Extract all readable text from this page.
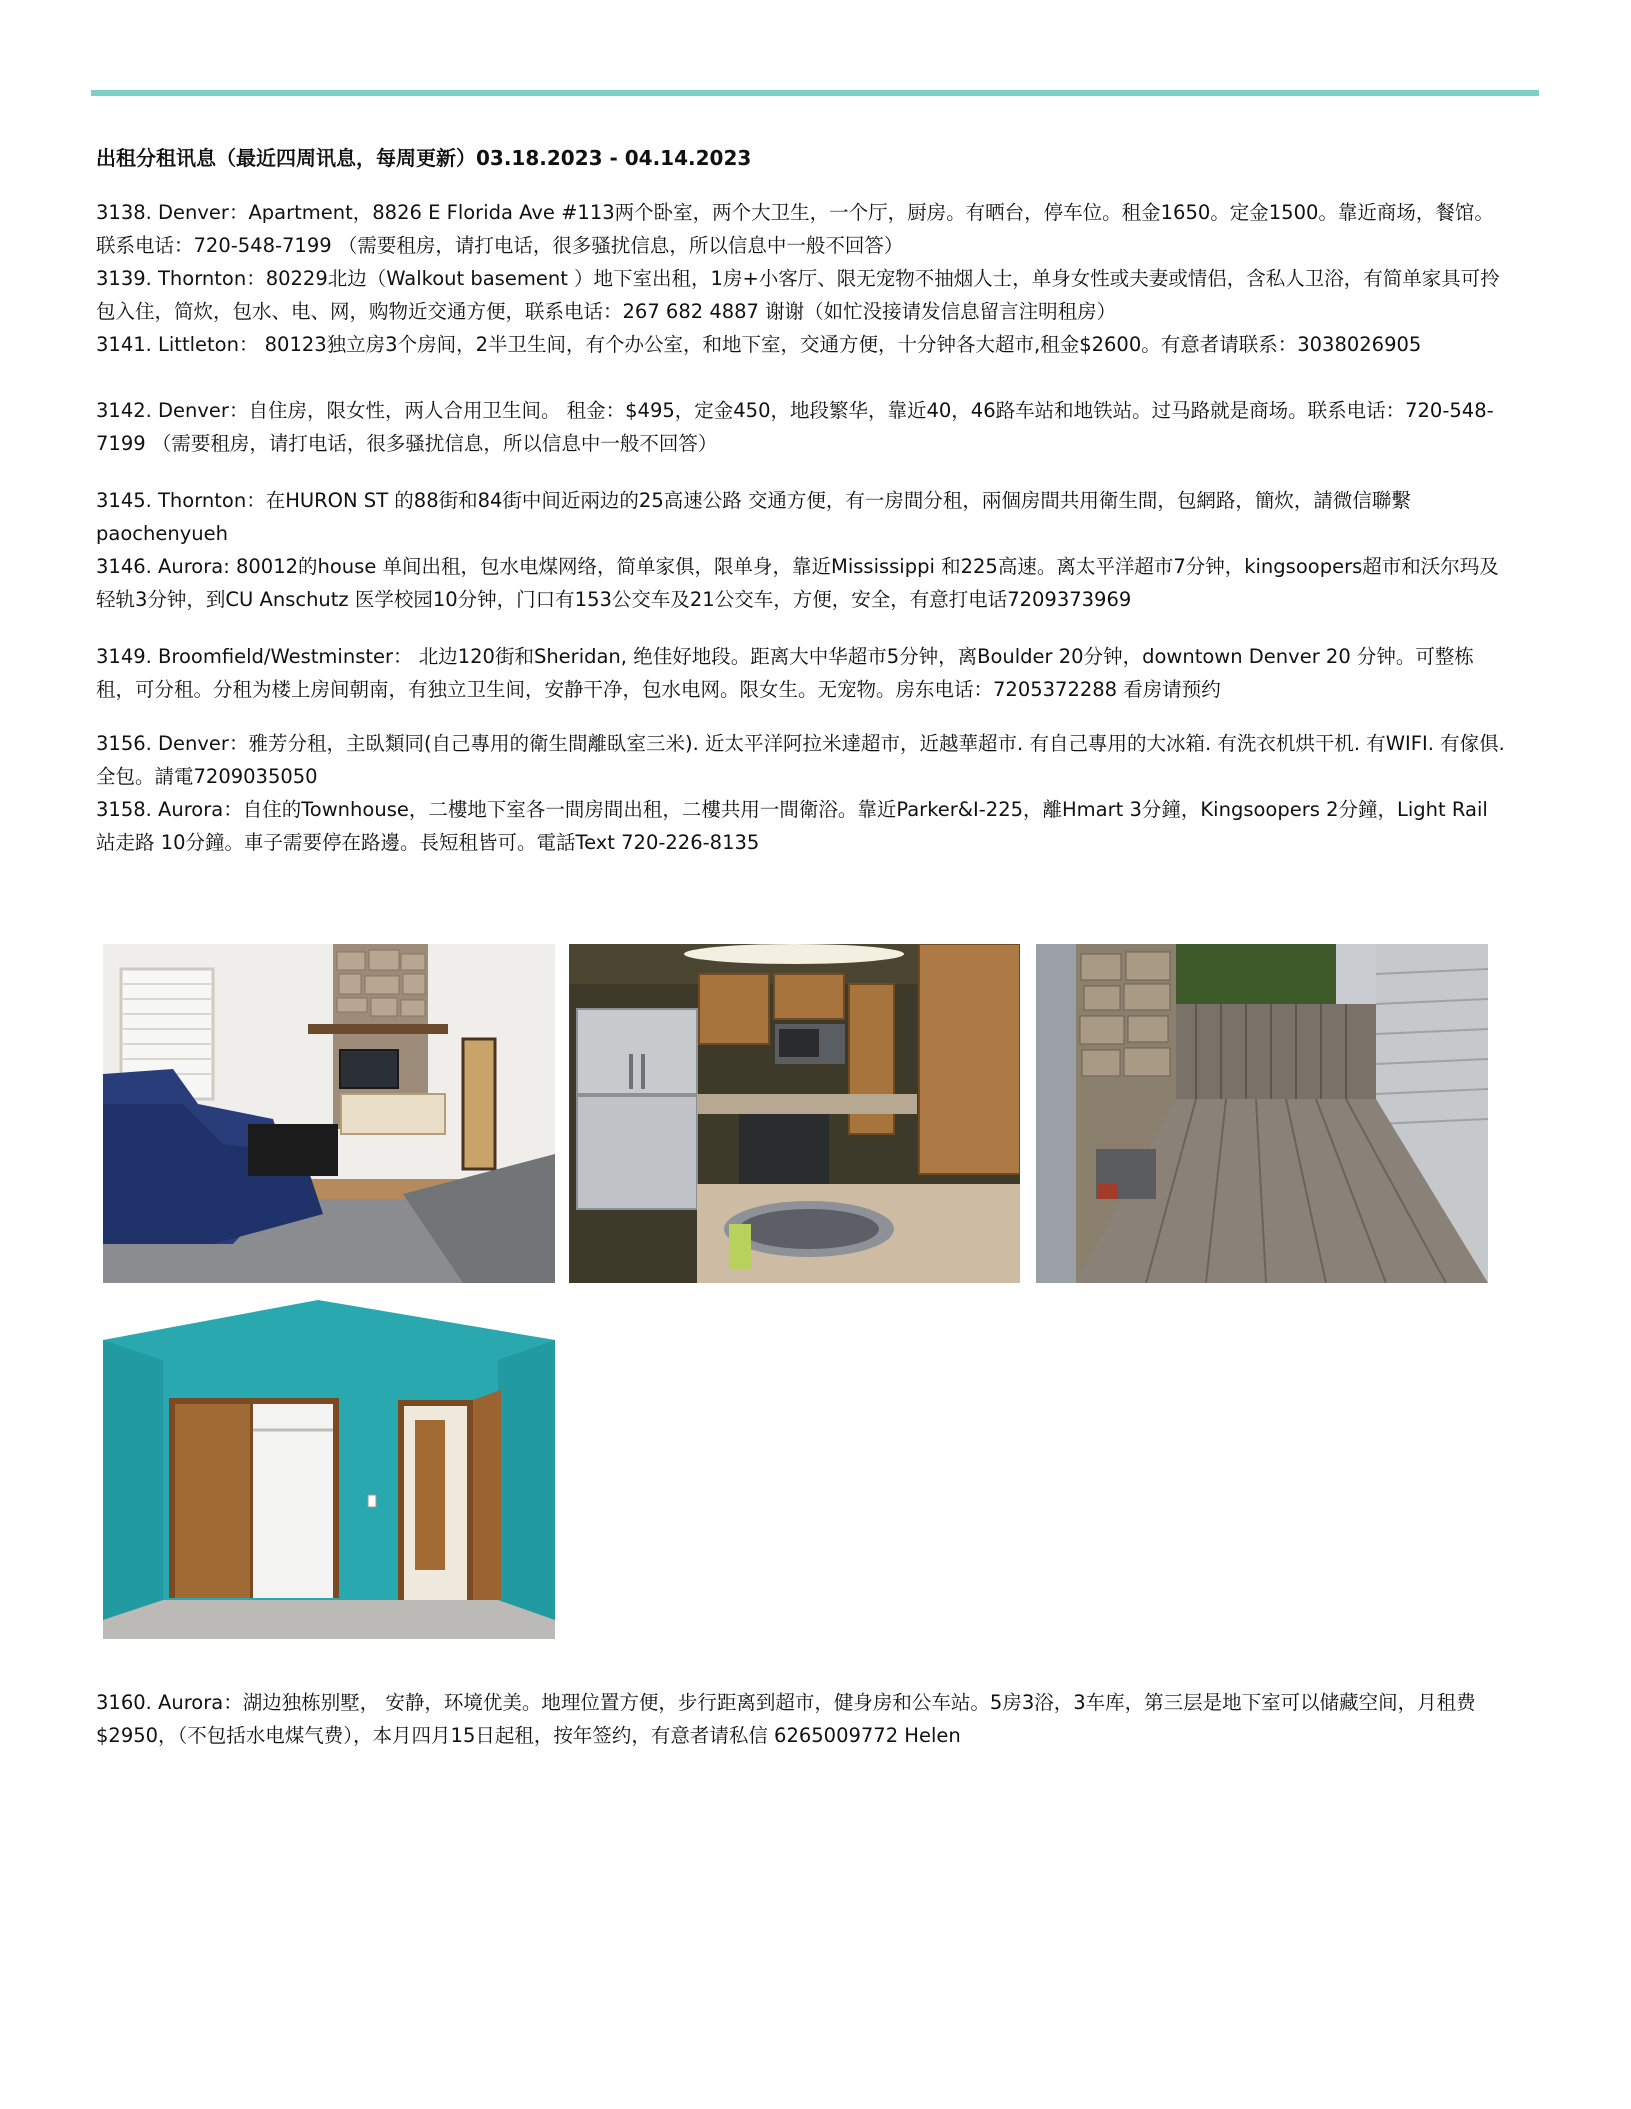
出租分租讯息（最近四周讯息，每周更新）03.18.2023 - 04.14.2023

3138. Denver：Apartment，8826 E Florida Ave #113两个卧室，两个大卫生，一个厅，厨房。有晒台，停车位。租金1650。定金1500。靠近商场，餐馆。联系电话：720-548-7199 （需要租房，请打电话，很多骚扰信息，所以信息中一般不回答）

3139. Thornton：80229北边（Walkout basement ）地下室出租，1房+小客厅、限无宠物不抽烟人士，单身女性或夫妻或情侣，含私人卫浴，有简单家具可拎包入住，简炊，包水、电、网，购物近交通方便，联系电话：267 682 4887 谢谢（如忙没接请发信息留言注明租房）

3141. Littleton： 80123独立房3个房间，2半卫生间，有个办公室，和地下室，交通方便，十分钟各大超市,租金$2600。有意者请联系：3038026905

3142. Denver：自住房，限女性，两人合用卫生间。 租金：$495，定金450，地段繁华，靠近40，46路车站和地铁站。过马路就是商场。联系电话：720-548-7199 （需要租房，请打电话，很多骚扰信息，所以信息中一般不回答）

3145. Thornton：在HURON ST 的88街和84街中间近兩边的25高速公路 交通方便，有一房間分租，兩個房間共用衛生間，包網路，簡炊，請微信聯繫paochenyueh

3146. Aurora: 80012的house 单间出租，包水电煤网络，简单家俱，限单身，靠近Mississippi 和225高速。离太平洋超市7分钟，kingsoopers超市和沃尔玛及轻轨3分钟，到CU Anschutz 医学校园10分钟，门口有153公交车及21公交车，方便，安全，有意打电话7209373969

3149. Broomfield/Westminster： 北边120街和Sheridan, 绝佳好地段。距离大中华超市5分钟，离Boulder 20分钟，downtown Denver 20 分钟。可整栋租，可分租。分租为楼上房间朝南，有独立卫生间，安静干净，包水电网。限女生。无宠物。房东电话：7205372288 看房请预约

3156. Denver：雅芳分租，主臥類同(自己專用的衛生間離臥室三米). 近太平洋阿拉米達超市，近越華超市. 有自己專用的大冰箱. 有洗衣机烘干机. 有WIFI. 有傢俱. 全包。請電7209035050

3158. Aurora：自住的Townhouse，二樓地下室各一間房間出租，二樓共用一間衛浴。靠近Parker&I-225，離Hmart 3分鐘，Kingsoopers 2分鐘，Light Rail站走路 10分鐘。車子需要停在路邊。長短租皆可。電話Text 720-226-8135

3160. Aurora：湖边独栋别墅， 安静，环境优美。地理位置方便，步行距离到超市，健身房和公车站。5房3浴，3车库，第三层是地下室可以储藏空间，月租费$2950，（不包括水电煤气费），本月四月15日起租，按年签约，有意者请私信 6265009772 Helen
